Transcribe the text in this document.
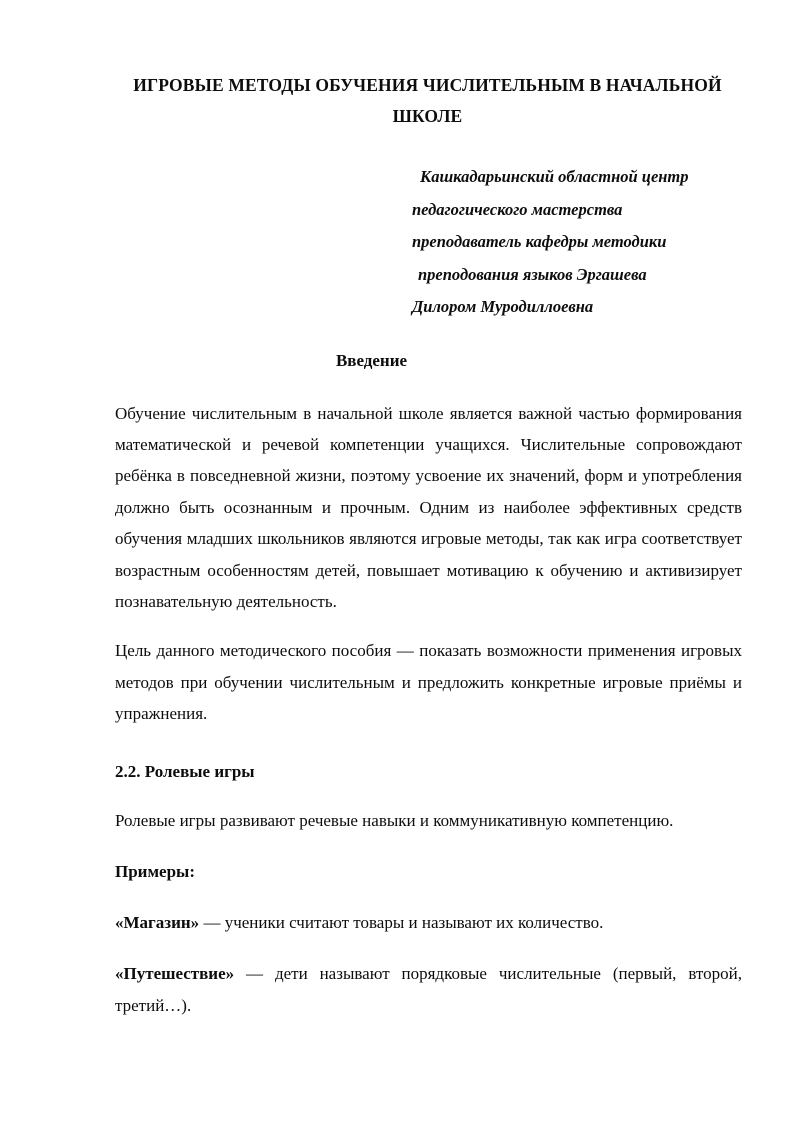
ИГРОВЫЕ МЕТОДЫ ОБУЧЕНИЯ ЧИСЛИТЕЛЬНЫМ В НАЧАЛЬНОЙ ШКОЛЕ
Кашкадарьинский областной центр
педагогического мастерства
преподаватель кафедры методики
преподования языков Эргашева
Дилором Муродиллоевна
Введение

Обучение числительным в начальной школе является важной частью формирования математической и речевой компетенции учащихся. Числительные сопровождают ребёнка в повседневной жизни, поэтому усвоение их значений, форм и употребления должно быть осознанным и прочным. Одним из наиболее эффективных средств обучения младших школьников являются игровые методы, так как игра соответствует возрастным особенностям детей, повышает мотивацию к обучению и активизирует познавательную деятельность.

Цель данного методического пособия — показать возможности применения игровых методов при обучении числительным и предложить конкретные игровые приёмы и упражнения.

2.2. Ролевые игры

Ролевые игры развивают речевые навыки и коммуникативную компетенцию.

Примеры:

«Магазин» — ученики считают товары и называют их количество.

«Путешествие» — дети называют порядковые числительные (первый, второй, третий…).
